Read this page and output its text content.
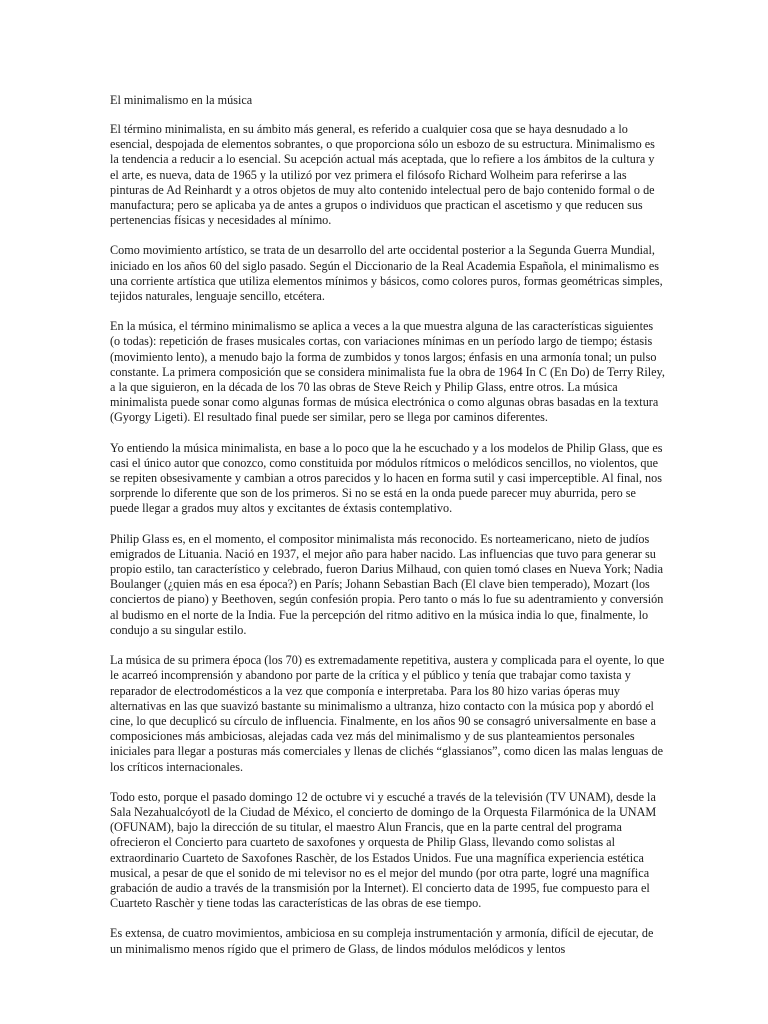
El minimalismo en la música

El término minimalista, en su ámbito más general, es referido a cualquier cosa que se haya desnudado a lo esencial, despojada de elementos sobrantes, o que proporciona sólo un esbozo de su estructura. Minimalismo es la tendencia a reducir a lo esencial. Su acepción actual más aceptada, que lo refiere a los ámbitos de la cultura y el arte, es nueva, data de 1965 y la utilizó por vez primera el filósofo Richard Wolheim para referirse a las pinturas de Ad Reinhardt y a otros objetos de muy alto contenido intelectual pero de bajo contenido formal o de manufactura; pero se aplicaba ya de antes a grupos o individuos que practican el ascetismo y que reducen sus pertenencias físicas y necesidades al mínimo.

Como movimiento artístico, se trata de un desarrollo del arte occidental posterior a la Segunda Guerra Mundial, iniciado en los años 60 del siglo pasado. Según el Diccionario de la Real Academia Española, el minimalismo es una corriente artística que utiliza elementos mínimos y básicos, como colores puros, formas geométricas simples, tejidos naturales, lenguaje sencillo, etcétera.

En la música, el término minimalismo se aplica a veces a la que muestra alguna de las características siguientes (o todas): repetición de frases musicales cortas, con variaciones mínimas en un período largo de tiempo; éstasis (movimiento lento), a menudo bajo la forma de zumbidos y tonos largos; énfasis en una armonía tonal; un pulso constante. La primera composición que se considera minimalista fue la obra de 1964 In C (En Do) de Terry Riley, a la que siguieron, en la década de los 70 las obras de Steve Reich y Philip Glass, entre otros. La música minimalista puede sonar como algunas formas de música electrónica o como algunas obras basadas en la textura (Gyorgy Ligeti). El resultado final puede ser similar, pero se llega por caminos diferentes.

Yo entiendo la música minimalista, en base a lo poco que la he escuchado y a los modelos de Philip Glass, que es casi el único autor que conozco, como constituida por módulos rítmicos o melódicos sencillos, no violentos, que se repiten obsesivamente y cambian a otros parecidos y lo hacen en forma sutil y casi imperceptible. Al final, nos sorprende lo diferente que son de los primeros. Si no se está en la onda puede parecer muy aburrida, pero se puede llegar a grados muy altos y excitantes de éxtasis contemplativo.

Philip Glass es, en el momento, el compositor minimalista más reconocido. Es norteamericano, nieto de judíos emigrados de Lituania. Nació en 1937, el mejor año para haber nacido. Las influencias que tuvo para generar su propio estilo, tan característico y celebrado, fueron Darius Milhaud, con quien tomó clases en Nueva York; Nadia Boulanger (¿quien más en esa época?) en París; Johann Sebastian Bach (El clave bien temperado), Mozart (los conciertos de piano) y Beethoven, según confesión propia. Pero tanto o más lo fue su adentramiento y conversión al budismo en el norte de la India. Fue la percepción del ritmo aditivo en la música india lo que, finalmente, lo condujo a su singular estilo.

La música de su primera época (los 70) es extremadamente repetitiva, austera y complicada para el oyente, lo que le acarreó incomprensión y abandono por parte de la crítica y el público y tenía que trabajar como taxista y reparador de electrodomésticos a la vez que componía e interpretaba. Para los 80 hizo varias óperas muy alternativas en las que suavizó bastante su minimalismo a ultranza, hizo contacto con la música pop y abordó el cine, lo que decuplicó su círculo de influencia. Finalmente, en los años 90 se consagró universalmente en base a composiciones más ambiciosas, alejadas cada vez más del minimalismo y de sus planteamientos personales iniciales para llegar a posturas más comerciales y llenas de clichés “glassianos”, como dicen las malas lenguas de los críticos internacionales.

Todo esto, porque el pasado domingo 12 de octubre vi y escuché a través de la televisión (TV UNAM), desde la Sala Nezahualcóyotl de la Ciudad de México, el concierto de domingo de la Orquesta Filarmónica de la UNAM (OFUNAM), bajo la dirección de su titular, el maestro Alun Francis, que en la parte central del programa ofrecieron el Concierto para cuarteto de saxofones y orquesta de Philip Glass, llevando como solistas al extraordinario Cuarteto de Saxofones Raschèr, de los Estados Unidos. Fue una magnífica experiencia estética musical, a pesar de que el sonido de mi televisor no es el mejor del mundo (por otra parte, logré una magnífica grabación de audio a través de la transmisión por la Internet). El concierto data de 1995, fue compuesto para el Cuarteto Raschèr y tiene todas las características de las obras de ese tiempo.

Es extensa, de cuatro movimientos, ambiciosa en su compleja instrumentación y armonía, difícil de ejecutar, de un minimalismo menos rígido que el primero de Glass, de lindos módulos melódicos y lentos
